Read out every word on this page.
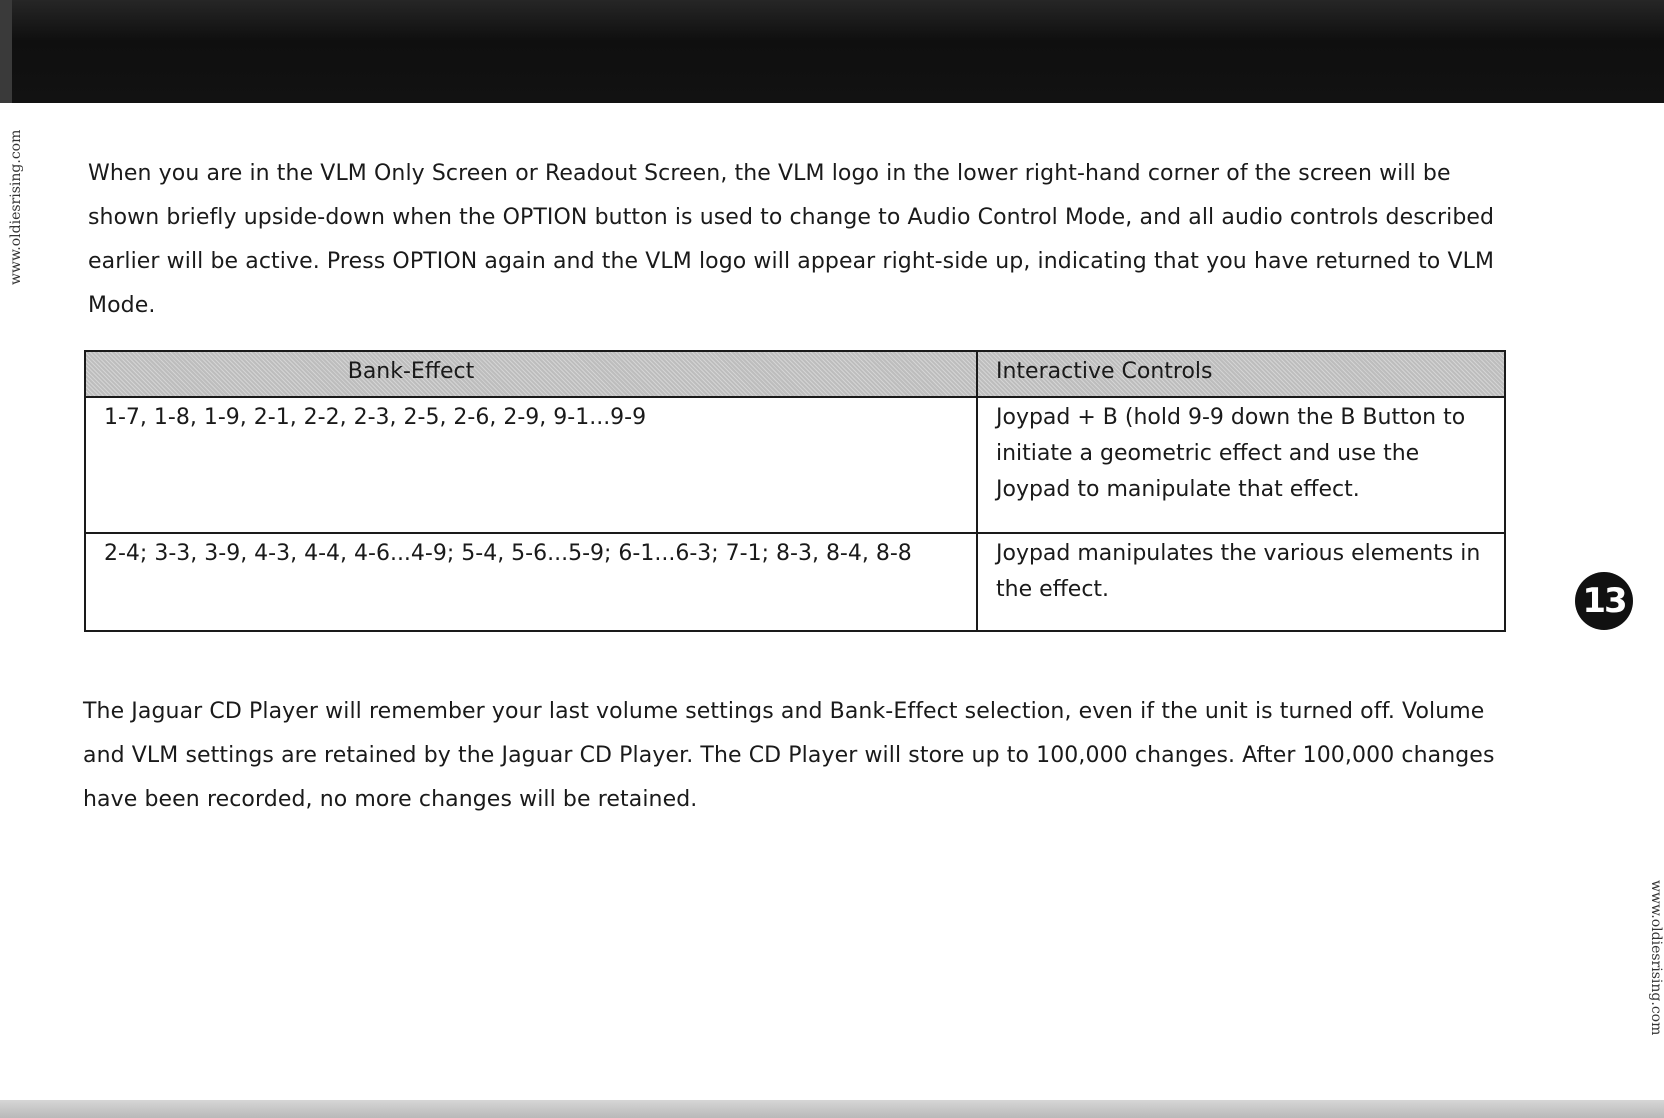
www.oldiesrising.com
www.oldiesrising.com

When you are in the VLM Only Screen or Readout Screen, the VLM logo in the lower right-hand corner of the screen will be shown briefly upside-down when the OPTION button is used to change to Audio Control Mode, and all audio controls described earlier will be active. Press OPTION again and the VLM logo will appear right-side up, indicating that you have returned to VLM Mode.

Bank-Effect	Interactive Controls
1-7, 1-8, 1-9, 2-1, 2-2, 2-3, 2-5, 2-6, 2-9, 9-1...9-9	Joypad + B (hold 9-9 down the B Button to initiate a geometric effect and use the Joypad to manipulate that effect.
2-4; 3-3, 3-9, 4-3, 4-4, 4-6...4-9; 5-4, 5-6...5-9; 6-1...6-3; 7-1; 8-3, 8-4, 8-8	Joypad manipulates the various elements in the effect.	13

The Jaguar CD Player will remember your last volume settings and Bank-Effect selection, even if the unit is turned off. Volume and VLM settings are retained by the Jaguar CD Player. The CD Player will store up to 100,000 changes. After 100,000 changes have been recorded, no more changes will be retained.
